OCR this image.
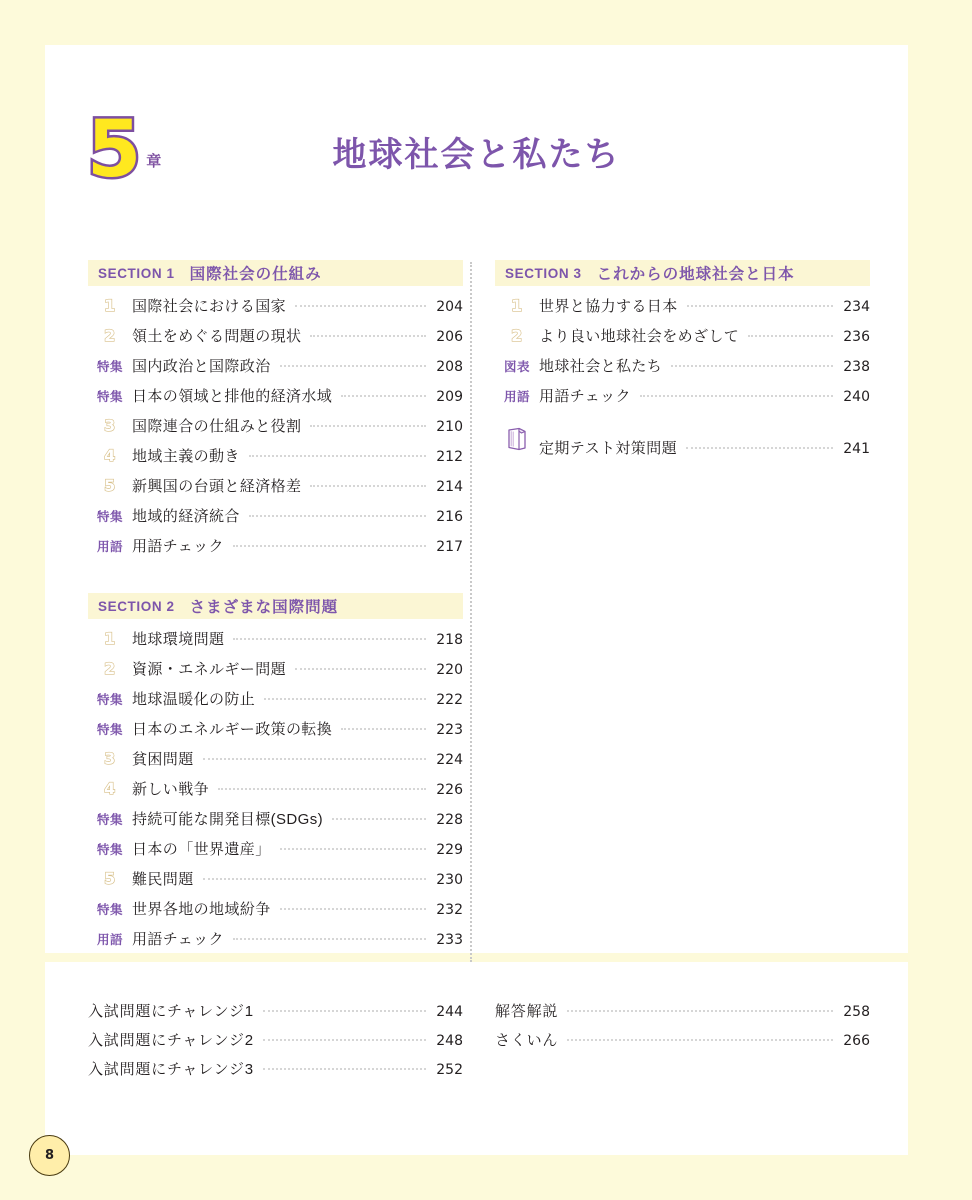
5 章	地球社会と私たち
SECTION 1 国際社会の仕組み
1	国際社会における国家	204
2	領土をめぐる問題の現状	206
特集 国内政治と国際政治	208
特集 日本の領域と排他的経済水域	209
3	国際連合の仕組みと役割	210
4	地域主義の動き	212
5	新興国の台頭と経済格差	214
特集 地域的経済統合	216
用語 用語チェック	217
SECTION 2 さまざまな国際問題
1	地球環境問題	218
2	資源・エネルギー問題	220
特集 地球温暖化の防止	222
特集 日本のエネルギー政策の転換	223
3	貧困問題	224
4	新しい戦争	226
特集 持続可能な開発目標(SDGs)	228
特集 日本の「世界遺産」	229
5	難民問題	230
特集 世界各地の地域紛争	232
用語 用語チェック	233
SECTION 3 これからの地球社会と日本
1	世界と協力する日本	234
2	より良い地球社会をめざして	236
図表 地球社会と私たち	238
用語 用語チェック	240
定期テスト対策問題	241
入試問題にチャレンジ1	244
入試問題にチャレンジ2	248
入試問題にチャレンジ3	252
解答解説	258
さくいん	266
8
